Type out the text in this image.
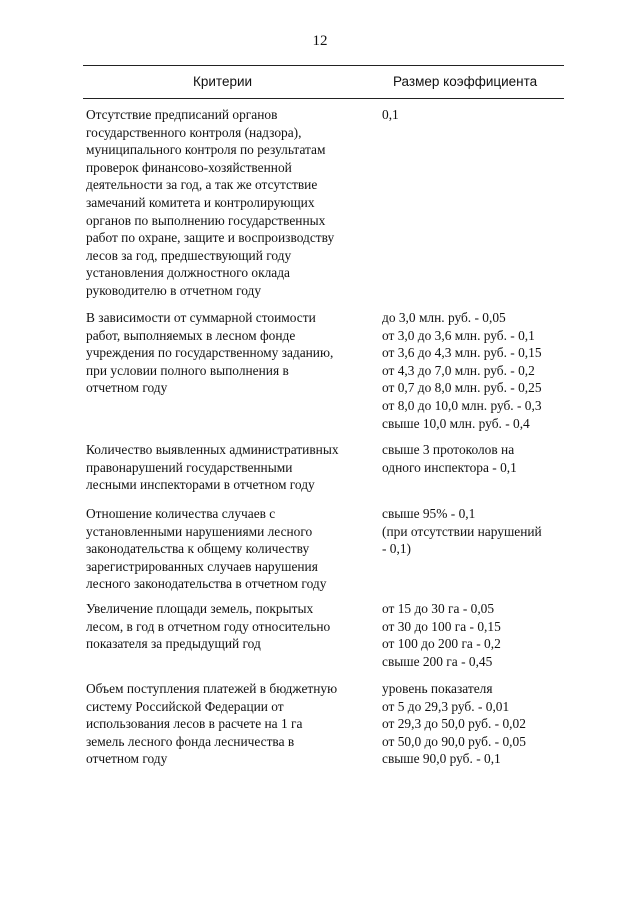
12
Критерии	Размер коэффициента
Отсутствие предписаний органов
государственного контроля (надзора),
муниципального контроля по результатам
проверок финансово-хозяйственной
деятельности за год, а так же отсутствие
замечаний комитета и контролирующих
органов по выполнению государственных
работ по охране, защите и воспроизводству
лесов за год, предшествующий году
установления должностного оклада
руководителю в отчетном году
0,1
В зависимости от суммарной стоимости
работ, выполняемых в лесном фонде
учреждения по государственному заданию,
при условии полного выполнения в
отчетном году
до 3,0 млн. руб. - 0,05
от 3,0 до 3,6 млн. руб. - 0,1
от 3,6 до 4,3 млн. руб. - 0,15
от 4,3 до 7,0 млн. руб. - 0,2
от 0,7 до 8,0 млн. руб. - 0,25
от 8,0 до 10,0 млн. руб. - 0,3
свыше 10,0 млн. руб. - 0,4
Количество выявленных административных
правонарушений государственными
лесными инспекторами в отчетном году
свыше 3 протоколов на
одного инспектора - 0,1
Отношение количества случаев с
установленными нарушениями лесного
законодательства к общему количеству
зарегистрированных случаев нарушения
лесного законодательства в отчетном году
свыше 95% - 0,1
(при отсутствии нарушений
- 0,1)
Увеличение площади земель, покрытых
лесом, в год в отчетном году относительно
показателя за предыдущий год
от 15 до 30 га - 0,05
от 30 до 100 га - 0,15
от 100 до 200 га - 0,2
свыше 200 га - 0,45
Объем поступления платежей в бюджетную
систему Российской Федерации от
использования лесов в расчете на 1 га
земель лесного фонда лесничества в
отчетном году
уровень показателя
от 5 до 29,3 руб. - 0,01
от 29,3 до 50,0 руб. - 0,02
от 50,0 до 90,0 руб. - 0,05
свыше 90,0 руб. - 0,1
